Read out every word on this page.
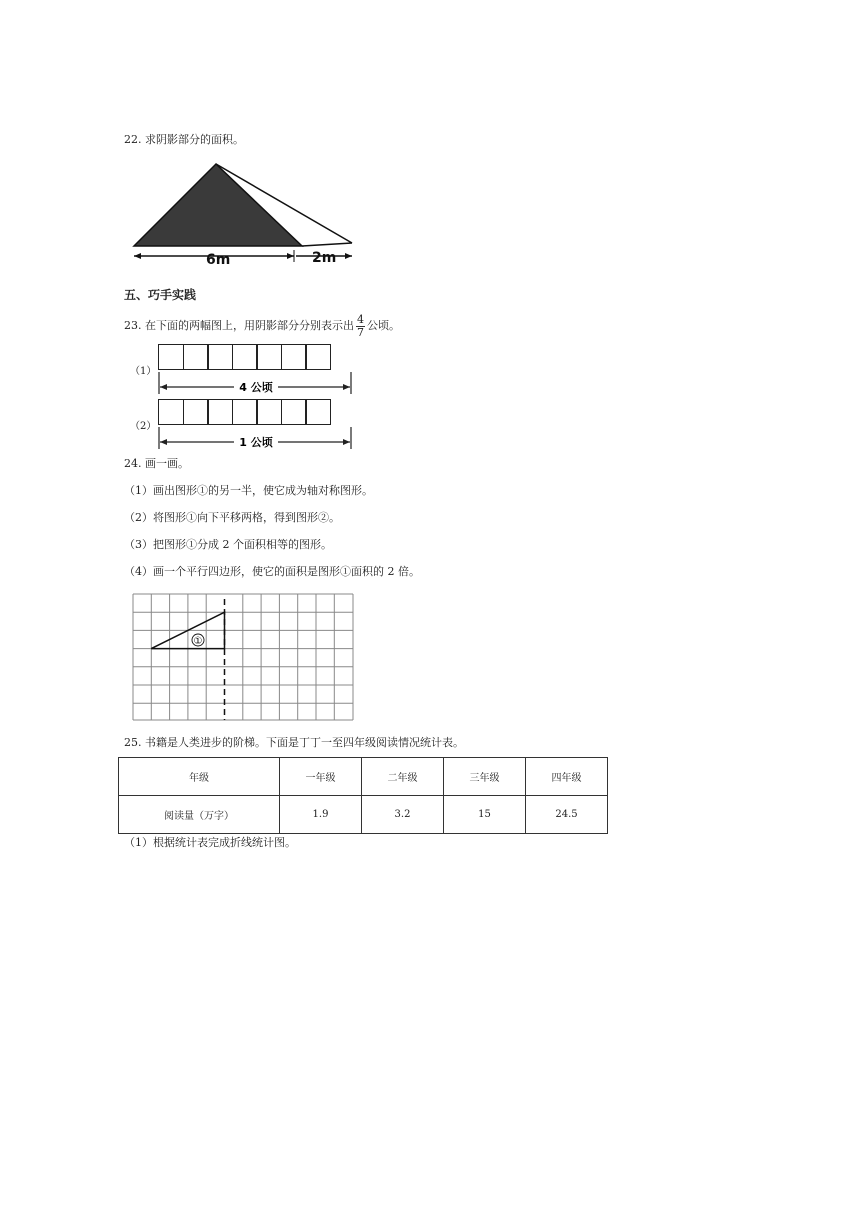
22. 求阴影部分的面积。
3m
6m	2m
五、巧手实践
23. 在下面的两幅图上，用阴影部分分别表示出 $\frac{4}{7}$ 公顷。
（1）
4 公顷
（2）
1 公顷
24. 画一画。
（1）画出图形①的另一半，使它成为轴对称图形。
（2）将图形①向下平移两格，得到图形②。
（3）把图形①分成 2 个面积相等的图形。
（4）画一个平行四边形，使它的面积是图形①面积的 2 倍。
①
25. 书籍是人类进步的阶梯。下面是丁丁一至四年级阅读情况统计表。
年级	一年级	二年级	三年级	四年级
阅读量（万字）	1.9	3.2	15	24.5
（1）根据统计表完成折线统计图。
